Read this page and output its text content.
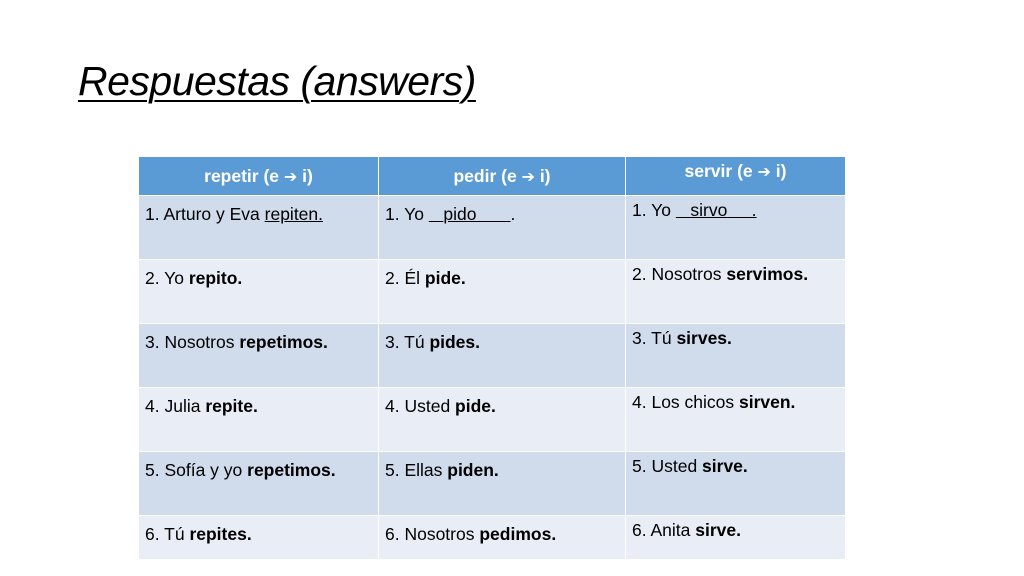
Respuestas (answers)
repetir (e ➔ i)	pedir (e ➔ i)	servir (e ➔ i)
1. Arturo y Eva repiten.	1. Yo    pido .	1. Yo    sirvo     .
2. Yo repito.	2. Él pide.	2. Nosotros servimos.
3. Nosotros repetimos.	3. Tú pides.	3. Tú sirves.
4. Julia repite.	4. Usted pide.	4. Los chicos sirven.
5. Sofía y yo repetimos.	5. Ellas piden.	5. Usted sirve.
6. Tú repites.	6. Nosotros pedimos.	6. Anita sirve.
